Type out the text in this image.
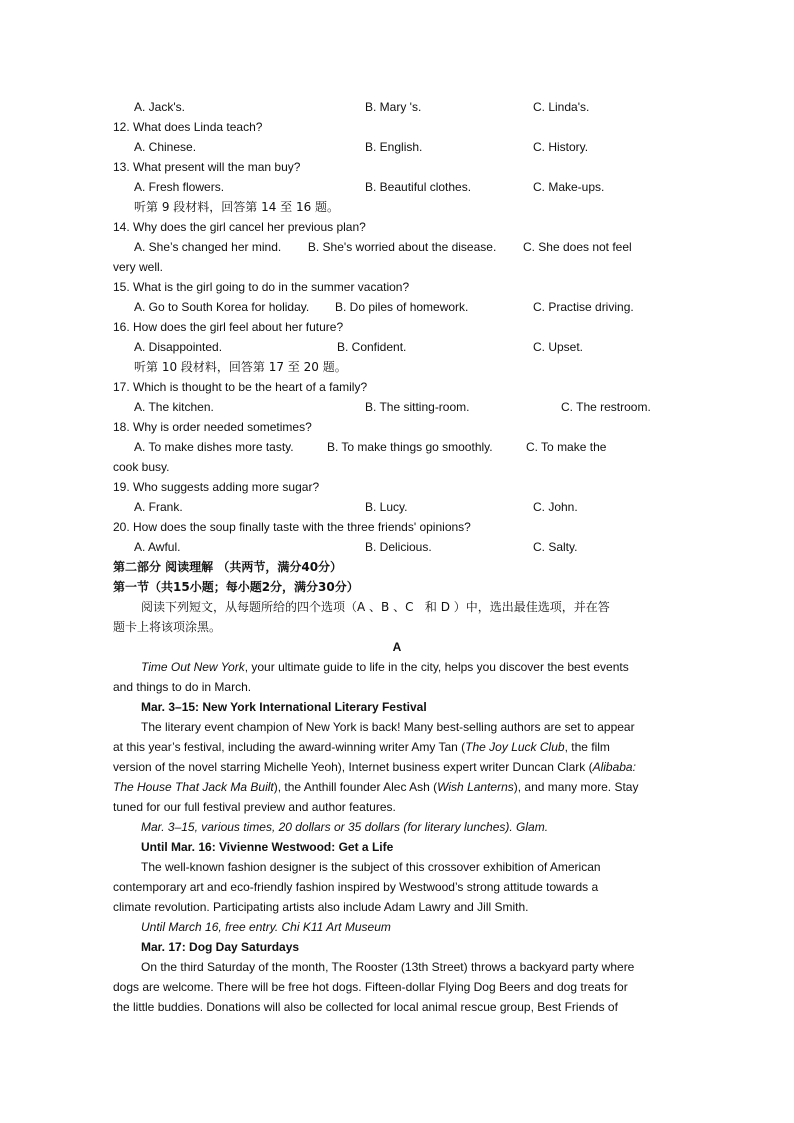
A. Jack's.	B. Mary 's.	C. Linda's.
12. What does Linda teach?
A. Chinese.	B. English.	C. History.
13. What present will the man buy?
A. Fresh flowers.	B. Beautiful clothes.	C. Make-ups.
听第 9 段材料，回答第 14 至 16 题。
14. Why does the girl cancel her previous plan?
A. She’s changed her mind.        B. She's worried about the disease.        C. She does not feel
very well.
15. What is the girl going to do in the summer vacation?
A. Go to South Korea for holiday. B. Do piles of homework.	C. Practise driving.
16. How does the girl feel about her future?
A. Disappointed.	B. Confident.	C. Upset.
听第 10 段材料，回答第 17 至 20 题。
17. Which is thought to be the heart of a family?
A. The kitchen.	B. The sitting-room.	C. The restroom.
18. Why is order needed sometimes?
A. To make dishes more tasty.          B. To make things go smoothly.          C. To make the
cook busy.
19. Who suggests adding more sugar?
A. Frank.	B. Lucy.	C. John.
20. How does the soup finally taste with the three friends' opinions?
A. Awful.	B. Delicious.	C. Salty.
第二部分 阅读理解 （共两节，满分40分）
第一节（共15小题；每小题2分，满分30分）
阅读下列短文，从每题所给的四个选项（A 、B 、C   和 D ）中，选出最佳选项，并在答
题卡上将该项涂黑。
A
Time Out New York, your ultimate guide to life in the city, helps you discover the best events
and things to do in March.
Mar. 3–15: New York International Literary Festival
The literary event champion of New York is back! Many best-selling authors are set to appear
at this year’s festival, including the award-winning writer Amy Tan (The Joy Luck Club, the film
version of the novel starring Michelle Yeoh), Internet business expert writer Duncan Clark (Alibaba:
The House That Jack Ma Built), the Anthill founder Alec Ash (Wish Lanterns), and many more. Stay
tuned for our full festival preview and author features.
Mar. 3–15, various times, 20 dollars or 35 dollars (for literary lunches). Glam.
Until Mar. 16: Vivienne Westwood: Get a Life
The well-known fashion designer is the subject of this crossover exhibition of American
contemporary art and eco-friendly fashion inspired by Westwood’s strong attitude towards a
climate revolution. Participating artists also include Adam Lawry and Jill Smith.
Until March 16, free entry. Chi K11 Art Museum
Mar. 17: Dog Day Saturdays
On the third Saturday of the month, The Rooster (13th Street) throws a backyard party where
dogs are welcome. There will be free hot dogs. Fifteen-dollar Flying Dog Beers and dog treats for
the little buddies. Donations will also be collected for local animal rescue group, Best Friends of
